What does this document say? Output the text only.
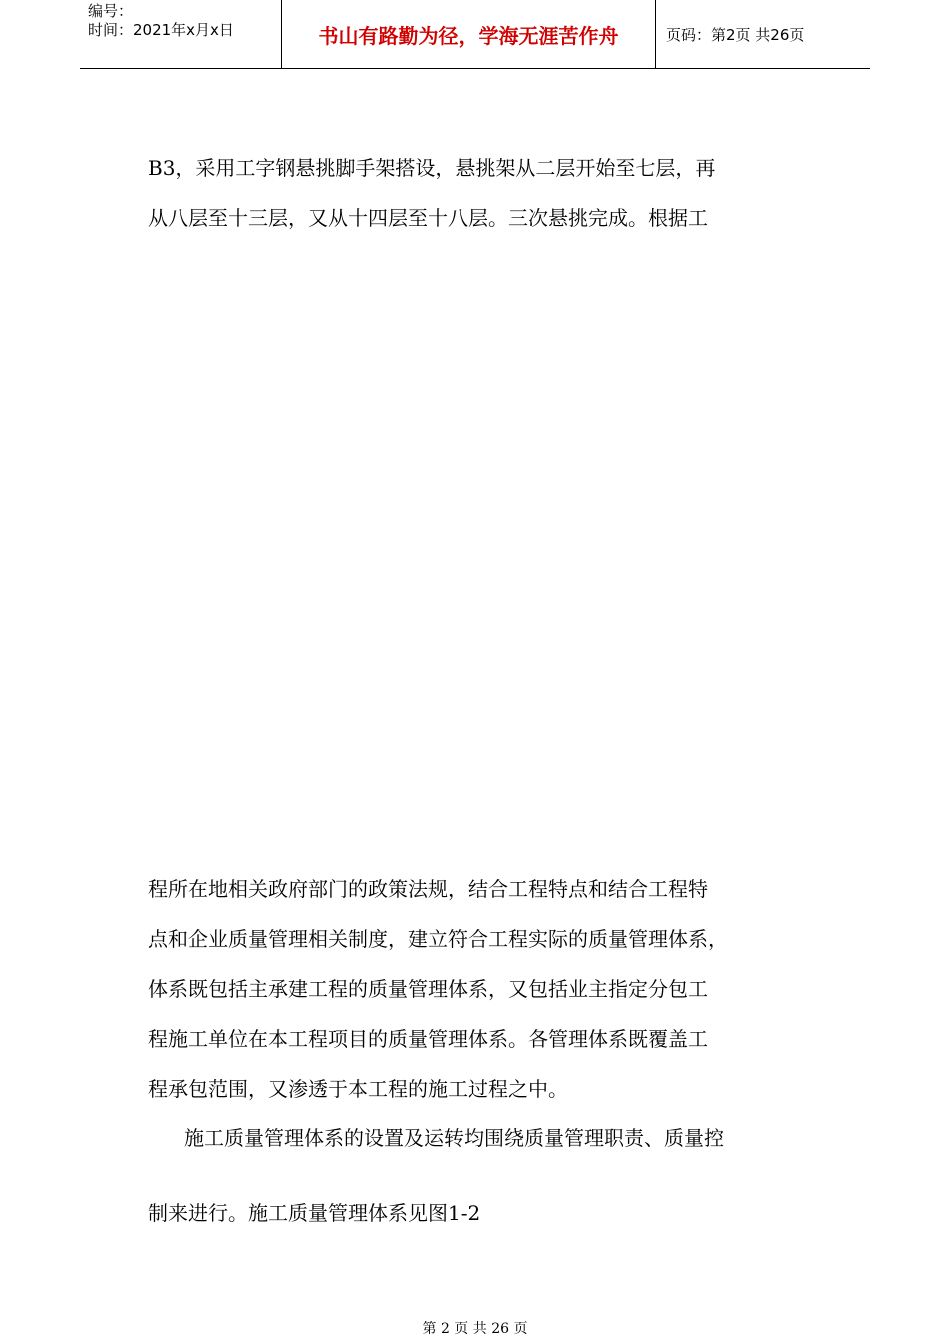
编号：
时间：2021年x月x日	书山有路勤为径，学海无涯苦作舟	页码：第2页 共26页
B3，采用工字钢悬挑脚手架搭设，悬挑架从二层开始至七层，再
从八层至十三层，又从十四层至十八层。三次悬挑完成。根据工
程所在地相关政府部门的政策法规，结合工程特点和结合工程特
点和企业质量管理相关制度，建立符合工程实际的质量管理体系，
体系既包括主承建工程的质量管理体系，又包括业主指定分包工
程施工单位在本工程项目的质量管理体系。各管理体系既覆盖工
程承包范围，又渗透于本工程的施工过程之中。
施工质量管理体系的设置及运转均围绕质量管理职责、质量控
制来进行。施工质量管理体系见图1-2
第 2 页 共 26 页
